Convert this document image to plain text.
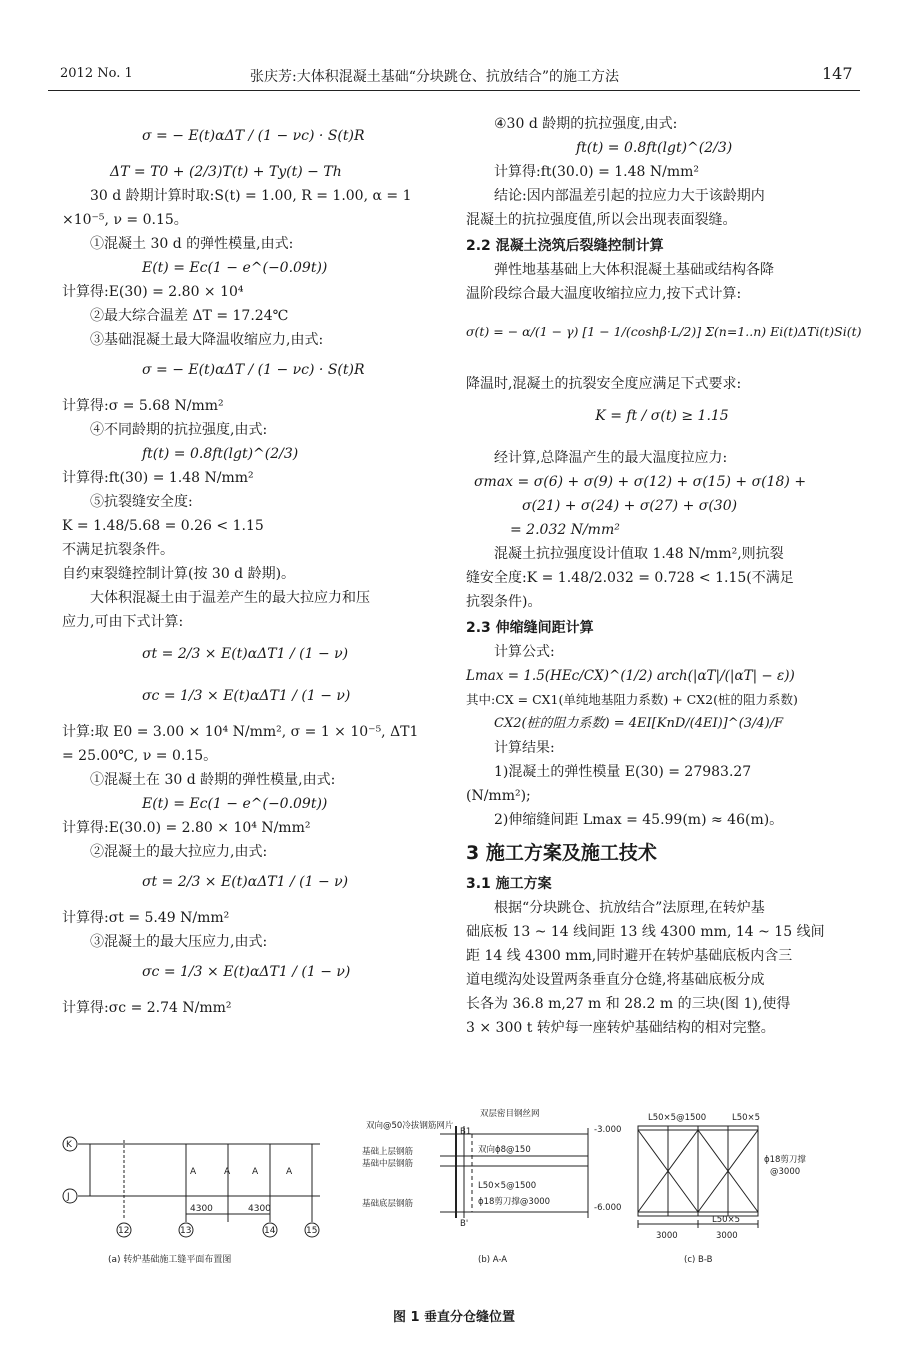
2012 No. 1	张庆芳:大体积混凝土基础“分块跳仓、抗放结合”的施工方法	147
σ = − E(t)αΔT / (1 − νc) · S(t)R
ΔT = T0 + (2/3)T(t) + Ty(t) − Th
30 d 龄期计算时取:S(t) = 1.00, R = 1.00, α = 1
×10⁻⁵, ν = 0.15。
①混凝土 30 d 的弹性模量,由式:
E(t) = Ec(1 − e^(−0.09t))
计算得:E(30) = 2.80 × 10⁴
②最大综合温差 ΔT = 17.24℃
③基础混凝土最大降温收缩应力,由式:
σ = − E(t)αΔT / (1 − νc) · S(t)R
计算得:σ = 5.68 N/mm²
④不同龄期的抗拉强度,由式:
ft(t) = 0.8ft(lgt)^(2/3)
计算得:ft(30) = 1.48 N/mm²
⑤抗裂缝安全度:
K = 1.48/5.68 = 0.26 < 1.15
不满足抗裂条件。
自约束裂缝控制计算(按 30 d 龄期)。
大体积混凝土由于温差产生的最大拉应力和压
应力,可由下式计算:
σt = 2/3 × E(t)αΔT1 / (1 − ν)
σc = 1/3 × E(t)αΔT1 / (1 − ν)
计算:取 E0 = 3.00 × 10⁴ N/mm², σ = 1 × 10⁻⁵, ΔT1
= 25.00℃, ν = 0.15。
①混凝土在 30 d 龄期的弹性模量,由式:
E(t) = Ec(1 − e^(−0.09t))
计算得:E(30.0) = 2.80 × 10⁴ N/mm²
②混凝土的最大拉应力,由式:
σt = 2/3 × E(t)αΔT1 / (1 − ν)
计算得:σt = 5.49 N/mm²
③混凝土的最大压应力,由式:
σc = 1/3 × E(t)αΔT1 / (1 − ν)
计算得:σc = 2.74 N/mm²
④30 d 龄期的抗拉强度,由式:
ft(t) = 0.8ft(lgt)^(2/3)
计算得:ft(30.0) = 1.48 N/mm²
结论:因内部温差引起的拉应力大于该龄期内
混凝土的抗拉强度值,所以会出现表面裂缝。
2.2 混凝土浇筑后裂缝控制计算
弹性地基基础上大体积混凝土基础或结构各降
温阶段综合最大温度收缩拉应力,按下式计算:
σ(t) = − α/(1 − γ) [1 − 1/(coshβ·L/2)] Σ(n=1..n) Ei(t)ΔTi(t)Si(t)
降温时,混凝土的抗裂安全度应满足下式要求:
K = ft / σ(t) ≥ 1.15
经计算,总降温产生的最大温度拉应力:
σmax = σ(6) + σ(9) + σ(12) + σ(15) + σ(18) +
σ(21) + σ(24) + σ(27) + σ(30)
= 2.032 N/mm²
混凝土抗拉强度设计值取 1.48 N/mm²,则抗裂
缝安全度:K = 1.48/2.032 = 0.728 < 1.15(不满足
抗裂条件)。
2.3 伸缩缝间距计算
计算公式:
Lmax = 1.5(HEc/CX)^(1/2) arch(|αT|/(|αT| − ε))
其中:CX = CX1(单纯地基阻力系数) + CX2(桩的阻力系数)
CX2(桩的阻力系数) = 4EI[KnD/(4EI)]^(3/4)/F
计算结果:
1)混凝土的弹性模量 E(30) = 27983.27
(N/mm²);
2)伸缩缝间距 Lmax = 45.99(m) ≈ 46(m)。
3 施工方案及施工技术
3.1 施工方案
根据“分块跳仓、抗放结合”法原理,在转炉基
础底板 13 ~ 14 线间距 13 线 4300 mm, 14 ~ 15 线间
距 14 线 4300 mm,同时避开在转炉基础底板内含三
道电缆沟处设置两条垂直分仓缝,将基础底板分成
长各为 36.8 m,27 m 和 28.2 m 的三块(图 1),使得
3 × 300 t 转炉每一座转炉基础结构的相对完整。
K
J
12	13	14	15
A	A A	A
4300	4300
(a) 转炉基础施工缝平面布置图
双层密目钢丝网
双向@50冷拔钢筋网片
基础上层钢筋
基础中层钢筋
基础底层钢筋
双向ϕ8@150
L50×5@1500
ϕ18剪刀撑@3000
B1
B'
-3.000
-6.000
(b) A-A
L50×5@1500	L50×5
ϕ18剪刀撑
@3000
L50×5
3000	3000
(c) B-B
图 1 垂直分仓缝位置
